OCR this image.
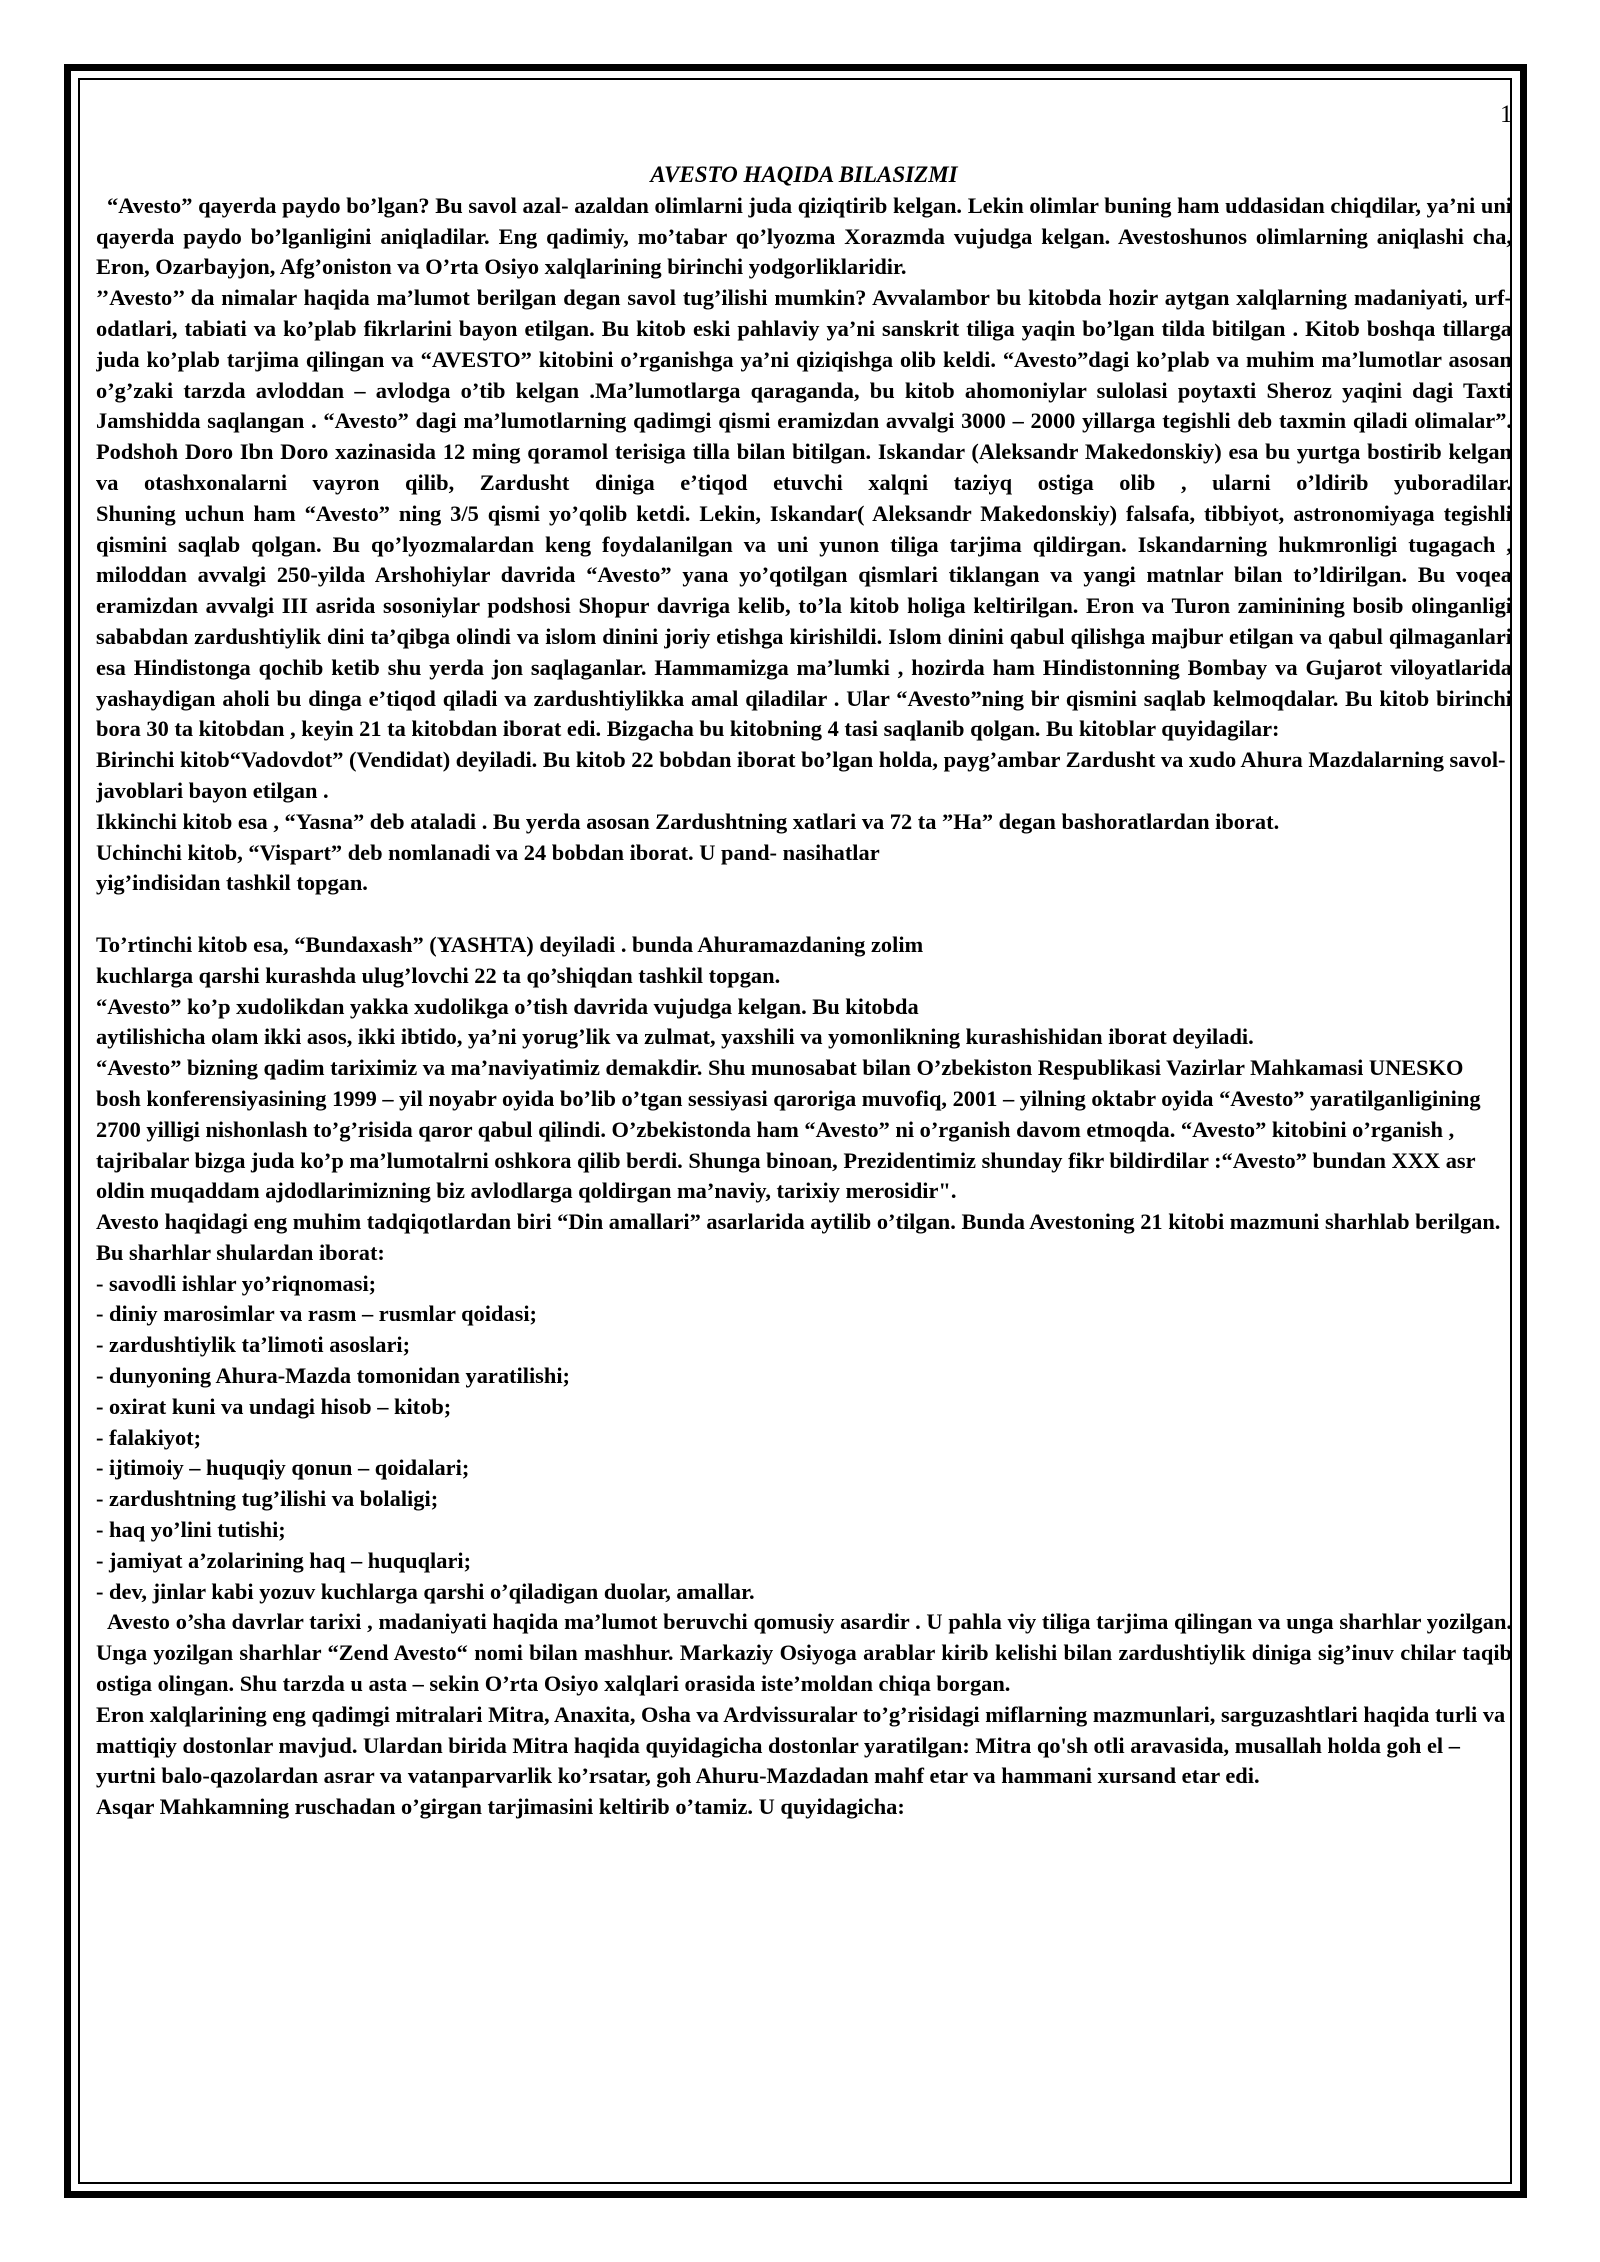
1

AVESTO HAQIDA BILASIZMI

“Avesto” qayerda paydo bo’lgan? Bu savol azal- azaldan olimlarni juda qiziqtirib kelgan. Lekin olimlar buning ham uddasidan chiqdilar, ya’ni uni qayerda paydo bo’lganligini aniqladilar. Eng qadimiy, mo’tabar qo’lyozma Xorazmda vujudga kelgan. Avestoshunos olimlarning aniqlashi cha, Eron, Ozarbayjon, Afg’oniston va O’rta Osiyo xalqlarining birinchi yodgorliklaridir.

’’Avesto’’ da nimalar haqida ma’lumot berilgan degan savol tug’ilishi mumkin? Avvalambor bu kitobda hozir aytgan xalqlarning madaniyati, urf-odatlari, tabiati va ko’plab fikrlarini bayon etilgan. Bu kitob eski pahlaviy ya’ni sanskrit tiliga yaqin bo’lgan tilda bitilgan . Kitob boshqa tillarga juda ko’plab tarjima qilingan va “AVESTO” kitobini o’rganishga ya’ni qiziqishga olib keldi. “Avesto”dagi ko’plab va muhim ma’lumotlar asosan o’g’zaki tarzda avloddan – avlodga o’tib kelgan .Ma’lumotlarga qaraganda, bu kitob ahomoniylar sulolasi poytaxti Sheroz yaqini dagi Taxti Jamshidda saqlangan . “Avesto” dagi ma’lumotlarning qadimgi qismi eramizdan avvalgi 3000 – 2000 yillarga tegishli deb taxmin qiladi olimalar”. Podshoh Doro Ibn Doro xazinasida 12 ming qoramol terisiga tilla bilan bitilgan. Iskandar (Aleksandr Makedonskiy) esa bu yurtga bostirib kelgan va otashxonalarni vayron qilib, Zardusht diniga e’tiqod etuvchi xalqni taziyq ostiga olib , ularni o’ldirib yuboradilar.

Shuning uchun ham “Avesto” ning 3/5 qismi yo’qolib ketdi. Lekin, Iskandar( Aleksandr Makedonskiy) falsafa, tibbiyot, astronomiyaga tegishli qismini saqlab qolgan. Bu qo’lyozmalardan keng foydalanilgan va uni yunon tiliga tarjima qildirgan. Iskandarning hukmronligi tugagach , miloddan avvalgi 250-yilda Arshohiylar davrida “Avesto” yana yo’qotilgan qismlari tiklangan va yangi matnlar bilan to’ldirilgan. Bu voqea eramizdan avvalgi III asrida sosoniylar podshosi Shopur davriga kelib, to’la kitob holiga keltirilgan. Eron va Turon zaminining bosib olinganligi sababdan zardushtiylik dini ta’qibga olindi va islom dinini joriy etishga kirishildi. Islom dinini qabul qilishga majbur etilgan va qabul qilmaganlari esa Hindistonga qochib ketib shu yerda jon saqlaganlar. Hammamizga ma’lumki , hozirda ham Hindistonning Bombay va Gujarot viloyatlarida yashaydigan aholi bu dinga e’tiqod qiladi va zardushtiylikka amal qiladilar . Ular “Avesto”ning bir qismini saqlab kelmoqdalar. Bu kitob birinchi bora 30 ta kitobdan , keyin 21 ta kitobdan iborat edi. Bizgacha bu kitobning 4 tasi saqlanib qolgan. Bu kitoblar quyidagilar:

Birinchi kitob“Vadovdot” (Vendidat) deyiladi. Bu kitob 22 bobdan iborat bo’lgan holda, payg’ambar Zardusht va xudo Ahura Mazdalarning savol- javoblari bayon etilgan .

Ikkinchi kitob esa , “Yasna” deb ataladi . Bu yerda asosan Zardushtning xatlari va 72 ta ”Ha” degan bashoratlardan iborat.

Uchinchi kitob, “Vispart” deb nomlanadi va 24 bobdan iborat. U pand- nasihatlar

yig’indisidan tashkil topgan.

To’rtinchi kitob esa, “Bundaxash” (YASHTA) deyiladi . bunda Ahuramazdaning zolim

kuchlarga qarshi kurashda ulug’lovchi 22 ta qo’shiqdan tashkil topgan.

“Avesto” ko’p xudolikdan yakka xudolikga o’tish davrida vujudga kelgan. Bu kitobda

aytilishicha olam ikki asos, ikki ibtido, ya’ni yorug’lik va zulmat, yaxshili va yomonlikning kurashishidan iborat deyiladi.

“Avesto” bizning qadim tariximiz va ma’naviyatimiz demakdir. Shu munosabat bilan O’zbekiston Respublikasi Vazirlar Mahkamasi UNESKO bosh konferensiyasining 1999 – yil noyabr oyida bo’lib o’tgan sessiyasi qaroriga muvofiq, 2001 – yilning oktabr oyida “Avesto” yaratilganligining 2700 yilligi nishonlash to’g’risida qaror qabul qilindi. O’zbekistonda ham “Avesto” ni o’rganish davom etmoqda. “Avesto” kitobini o’rganish , tajribalar bizga juda ko’p ma’lumotalrni oshkora qilib berdi. Shunga binoan, Prezidentimiz shunday fikr bildirdilar :“Avesto” bundan XXX asr oldin muqaddam ajdodlarimizning biz avlodlarga qoldirgan ma’naviy, tarixiy merosidir".

Avesto haqidagi eng muhim tadqiqotlardan biri “Din amallari” asarlarida aytilib o’tilgan. Bunda Avestoning 21 kitobi mazmuni sharhlab berilgan. Bu sharhlar shulardan iborat:

- savodli ishlar yo’riqnomasi;
- diniy marosimlar va rasm – rusmlar qoidasi;
- zardushtiylik ta’limoti asoslari;
- dunyoning Ahura-Mazda tomonidan yaratilishi;
- oxirat kuni va undagi hisob – kitob;
- falakiyot;
- ijtimoiy – huquqiy qonun – qoidalari;
- zardushtning tug’ilishi va bolaligi;
- haq yo’lini tutishi;
- jamiyat a’zolarining haq – huquqlari;
- dev, jinlar kabi yozuv kuchlarga qarshi o’qiladigan duolar, amallar.

Avesto o’sha davrlar tarixi , madaniyati haqida ma’lumot beruvchi qomusiy asardir . U pahla viy tiliga tarjima qilingan va unga sharhlar yozilgan. Unga yozilgan sharhlar “Zend Avesto“ nomi bilan mashhur. Markaziy Osiyoga arablar kirib kelishi bilan zardushtiylik diniga sig’inuv chilar taqib ostiga olingan. Shu tarzda u asta – sekin O’rta Osiyo xalqlari orasida iste’moldan chiqa borgan.

Eron xalqlarining eng qadimgi mitralari Mitra, Anaxita, Osha va Ardvissuralar to’g’risidagi miflarning mazmunlari, sarguzashtlari haqida turli va mattiqiy dostonlar mavjud. Ulardan birida Mitra haqida quyidagicha dostonlar yaratilgan: Mitra qo'sh otli aravasida, musallah holda goh el –yurtni balo-qazolardan asrar va vatanparvarlik ko’rsatar, goh Ahuru-Mazdadan mahf etar va hammani xursand etar edi.

Asqar Mahkamning ruschadan o’girgan tarjimasini keltirib o’tamiz. U quyidagicha:
